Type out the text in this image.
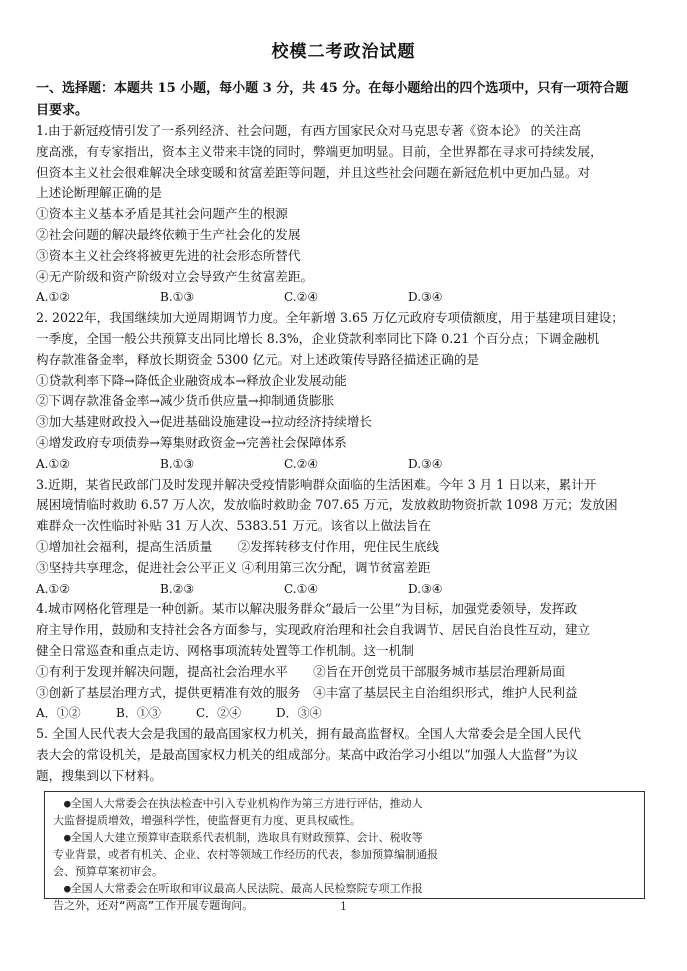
校模二考政治试题
一、选择题：本题共 15 小题，每小题 3 分，共 45 分。在每小题给出的四个选项中，只有一项符合题
目要求。
1.由于新冠疫情引发了一系列经济、社会问题，有西方国家民众对马克思专著《资本论》 的关注高
度高涨，有专家指出，资本主义带来丰饶的同时，弊端更加明显。目前，全世界都在寻求可持续发展，
但资本主义社会很难解决全球变暖和贫富差距等问题，并且这些社会问题在新冠危机中更加凸显。对
上述论断理解正确的是
①资本主义基本矛盾是其社会问题产生的根源
②社会问题的解决最终依赖于生产社会化的发展
③资本主义社会终将被更先进的社会形态所替代
④无产阶级和资产阶级对立会导致产生贫富差距。
A.①②	B.①③	C.②④	D.③④
2. 2022年，我国继续加大逆周期调节力度。全年新增 3.65 万亿元政府专项债额度，用于基建项目建设；
一季度，全国一般公共预算支出同比增长 8.3%，企业贷款利率同比下降 0.21 个百分点；下调金融机
构存款准备金率，释放长期资金 5300 亿元。对上述政策传导路径描述正确的是
①贷款利率下降→降低企业融资成本→释放企业发展动能
②下调存款准备金率→减少货币供应量→抑制通货膨胀
③加大基建财政投入→促进基础设施建设→拉动经济持续增长
④增发政府专项债券→筹集财政资金→完善社会保障体系
A.①②	B.①③	C.②④	D.③④
3.近期，某省民政部门及时发现并解决受疫情影响群众面临的生活困难。今年 3 月 1 日以来，累计开
展困境情临时救助 6.57 万人次，发放临时救助金 707.65 万元，发放救助物资折款 1098 万元；发放困
难群众一次性临时补贴 31 万人次、5383.51 万元。该省以上做法旨在
①增加社会福利，提高生活质量　　②发挥转移支付作用，兜住民生底线
③坚持共享理念，促进社会公平正义 ④利用第三次分配，调节贫富差距
A.①②	B.②③	C.①④	D.③④
4.城市网格化管理是一种创新。某市以解决服务群众“最后一公里”为目标，加强党委领导，发挥政
府主导作用，鼓励和支持社会各方面参与，实现政府治理和社会自我调节、居民自治良性互动，建立
健全日常巡查和重点走访、网格事项流转处置等工作机制。这一机制
①有利于发现并解决问题，提高社会治理水平　　②旨在开创党员干部服务城市基层治理新局面
③创新了基层治理方式，提供更精准有效的服务　④丰富了基层民主自治组织形式，维护人民利益
A．①②	B．①③	C．②④	D．③④
5. 全国人民代表大会是我国的最高国家权力机关，拥有最高监督权。全国人大常委会是全国人民代
表大会的常设机关，是最高国家权力机关的组成部分。某高中政治学习小组以“加强人大监督”为议
题，搜集到以下材料。
　●全国人大常委会在执法检查中引入专业机构作为第三方进行评估，推动人
大监督提质增效，增强科学性，使监督更有力度、更具权威性。
　●全国人大建立预算审查联系代表机制，选取具有财政预算、会计、税收等
专业背景，或者有机关、企业、农村等领域工作经历的代表，参加预算编制通报
会、预算草案初审会。
　●全国人大常委会在听取和审议最高人民法院、最高人民检察院专项工作报
告之外，还对“两高”工作开展专题询问。	1
